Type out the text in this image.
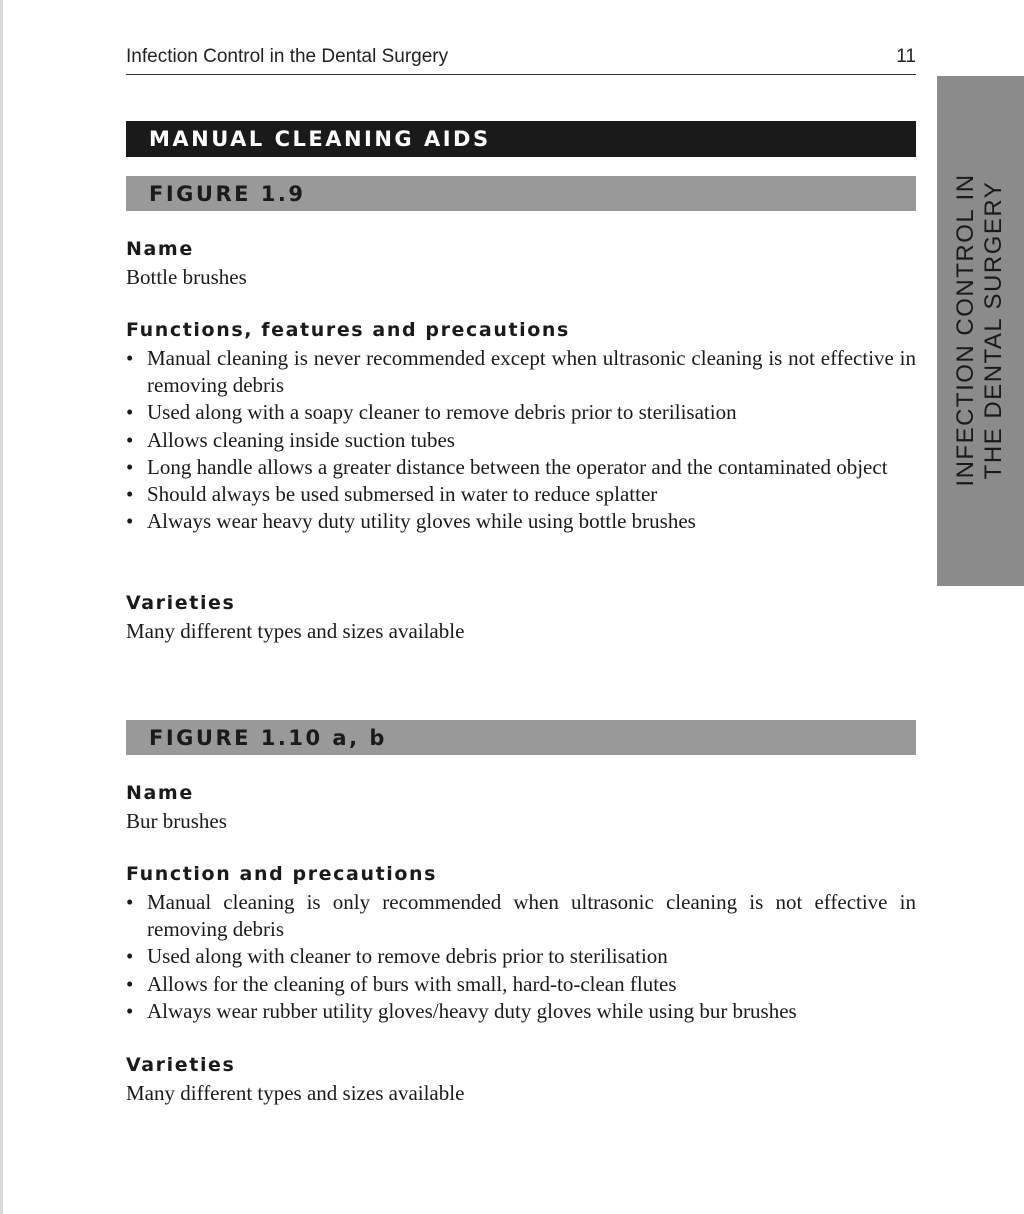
Infection Control in the Dental Surgery	11
INFECTION CONTROL IN THE DENTAL SURGERY
MANUAL CLEANING AIDS
FIGURE 1.9
Name

Bottle brushes

Functions, features and precautions
• Manual cleaning is never recommended except when ultrasonic cleaning is not effective in removing debris
• Used along with a soapy cleaner to remove debris prior to sterilisation
• Allows cleaning inside suction tubes
• Long handle allows a greater distance between the operator and the contaminated object
• Should always be used submersed in water to reduce splatter
• Always wear heavy duty utility gloves while using bottle brushes
Varieties

Many different types and sizes available

FIGURE 1.10 a, b
Name

Bur brushes

Function and precautions
• Manual cleaning is only recommended when ultrasonic cleaning is not effective in removing debris
• Used along with cleaner to remove debris prior to sterilisation
• Allows for the cleaning of burs with small, hard-to-clean flutes
• Always wear rubber utility gloves/heavy duty gloves while using bur brushes
Varieties

Many different types and sizes available
